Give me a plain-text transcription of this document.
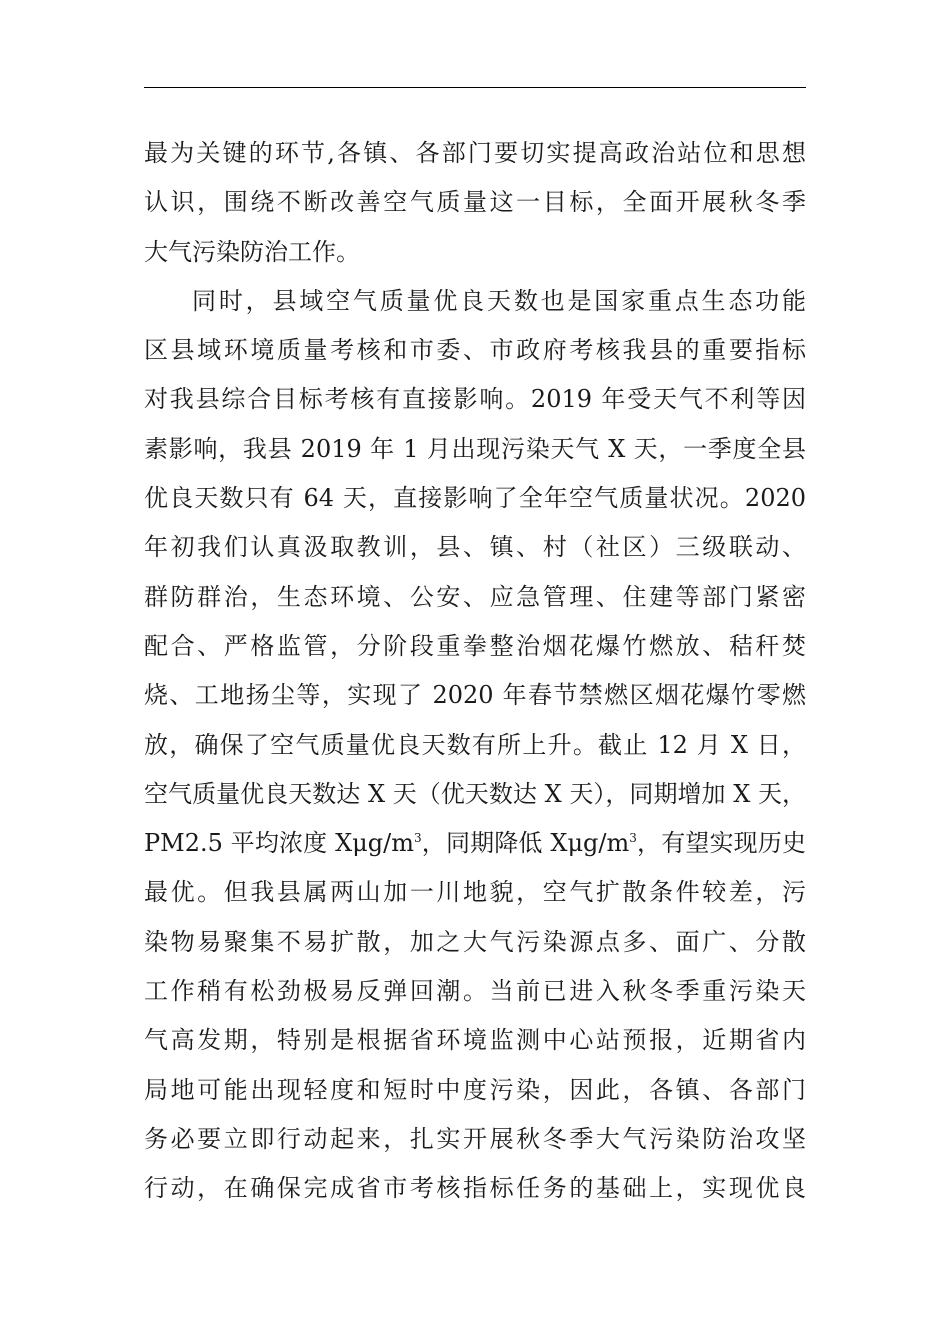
最为关键的环节,各镇、各部门要切实提高政治站位和思想
认识，围绕不断改善空气质量这一目标，全面开展秋冬季
大气污染防治工作。
同时，县域空气质量优良天数也是国家重点生态功能
区县域环境质量考核和市委、市政府考核我县的重要指标
对我县综合目标考核有直接影响。2019 年受天气不利等因
素影响，我县 2019 年 1 月出现污染天气 X 天，一季度全县
优良天数只有 64 天，直接影响了全年空气质量状况。2020
年初我们认真汲取教训，县、镇、村（社区）三级联动、
群防群治，生态环境、公安、应急管理、住建等部门紧密
配合、严格监管，分阶段重拳整治烟花爆竹燃放、秸秆焚
烧、工地扬尘等，实现了 2020 年春节禁燃区烟花爆竹零燃
放，确保了空气质量优良天数有所上升。截止 12 月 X 日，
空气质量优良天数达 X 天（优天数达 X 天），同期增加 X 天，
PM2.5 平均浓度 Xμg/$m^3$，同期降低 Xμg/$m^3$，有望实现历史
最优。但我县属两山加一川地貌，空气扩散条件较差，污
染物易聚集不易扩散，加之大气污染源点多、面广、分散
工作稍有松劲极易反弹回潮。当前已进入秋冬季重污染天
气高发期，特别是根据省环境监测中心站预报，近期省内
局地可能出现轻度和短时中度污染，因此，各镇、各部门
务必要立即行动起来，扎实开展秋冬季大气污染防治攻坚
行动，在确保完成省市考核指标任务的基础上，实现优良
